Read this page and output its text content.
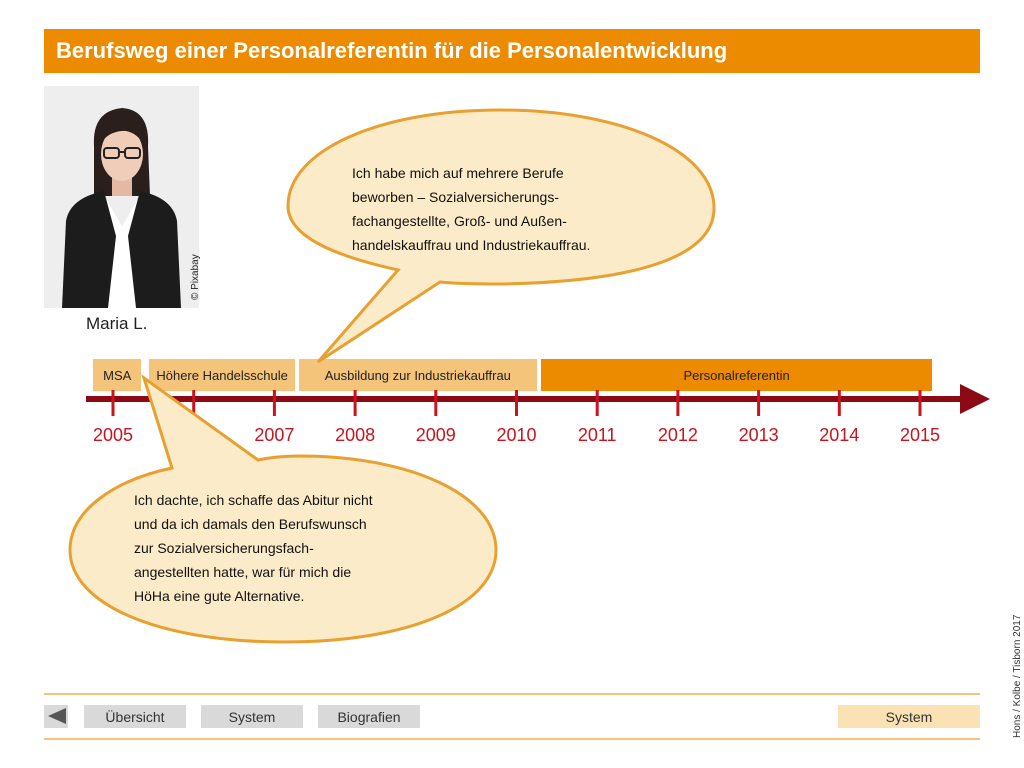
Berufsweg einer Personalreferentin für die Personalentwicklung
© Pixabay
Maria L.
MSA Höhere Handelsschule	Ausbildung zur Industriekauffrau	Personalreferentin
2005	2007	2008	2009	2010	2011	2012	2013	2014	2015
Ich habe mich auf mehrere Berufe
beworben – Sozialversicherungs-
fachangestellte, Groß- und Außen-
handelskauffrau und Industriekauffrau.
Ich dachte, ich schaffe das Abitur nicht
und da ich damals den Berufswunsch
zur Sozialversicherungsfach-
angestellten hatte, war für mich die
HöHa eine gute Alternative.
Übersicht	System	Biografien	System	Hons / Kolbe / Tisborn 2017
